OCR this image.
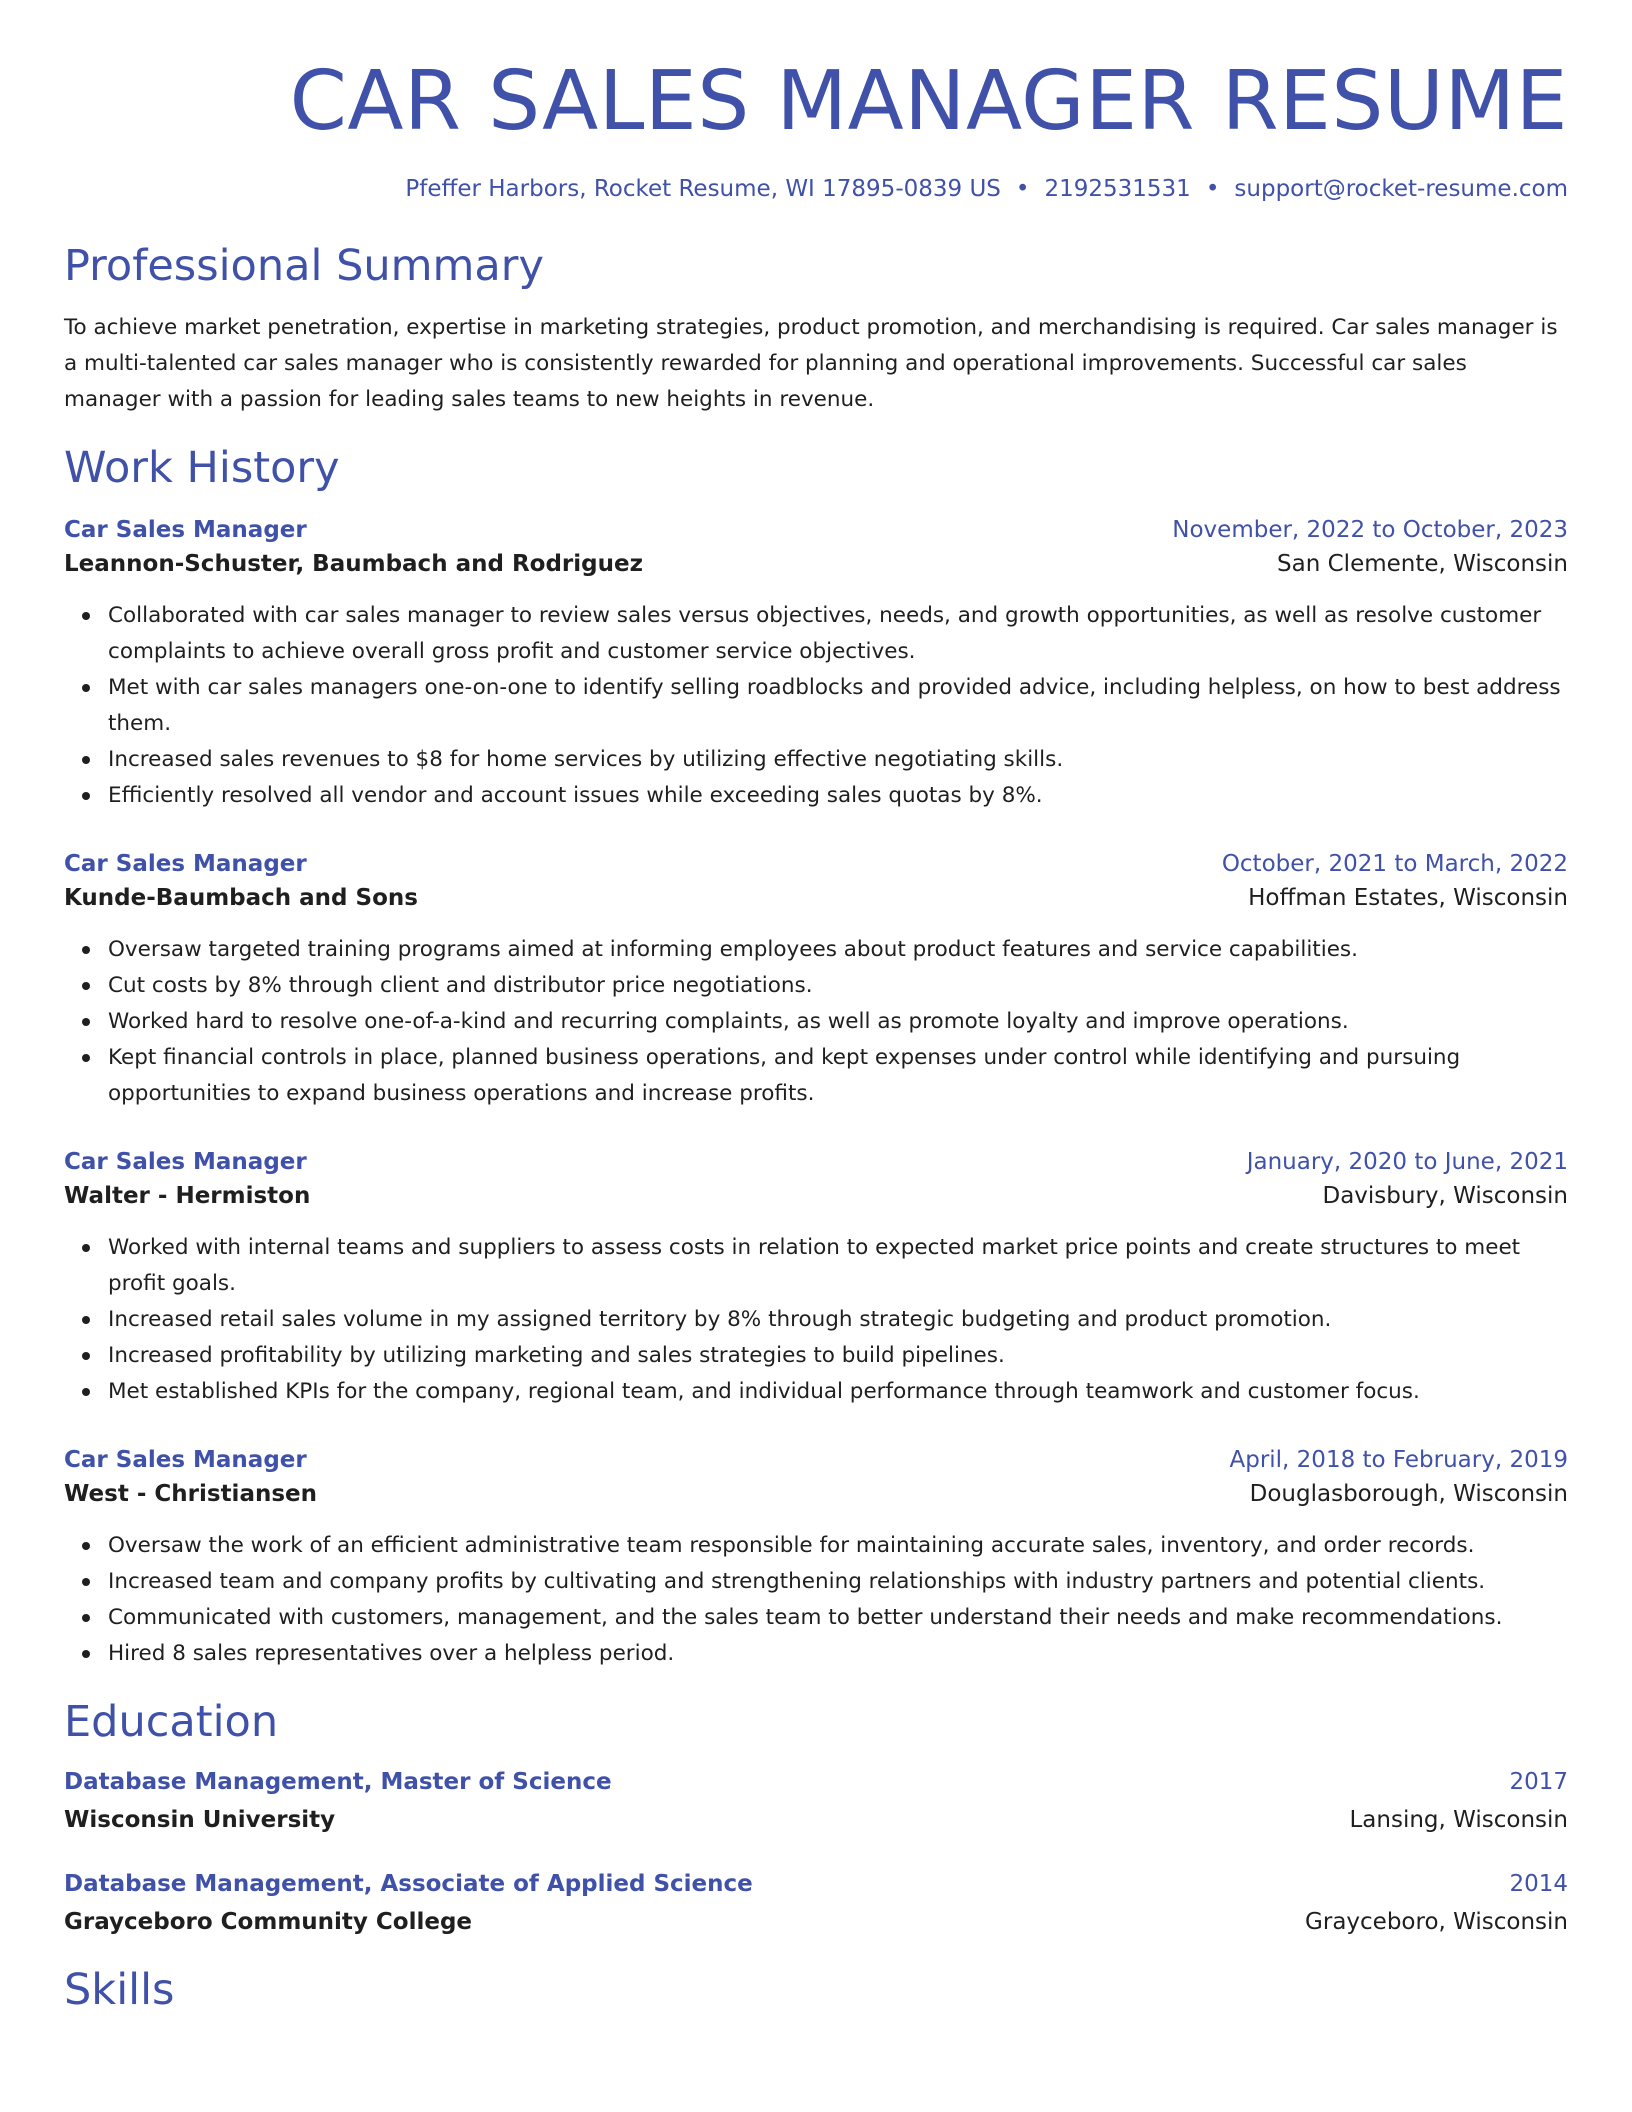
CAR SALES MANAGER RESUME
Pfeffer Harbors, Rocket Resume, WI 17895-0839 US • 2192531531 • support@rocket-resume.com
Professional Summary
To achieve market penetration, expertise in marketing strategies, product promotion, and merchandising is required. Car sales manager is a multi-talented car sales manager who is consistently rewarded for planning and operational improvements. Successful car sales manager with a passion for leading sales teams to new heights in revenue.
Work History
Car Sales Manager	November, 2022 to October, 2023
Leannon-Schuster, Baumbach and Rodriguez	San Clemente, Wisconsin
Collaborated with car sales manager to review sales versus objectives, needs, and growth opportunities, as well as resolve customer complaints to achieve overall gross profit and customer service objectives.
Met with car sales managers one-on-one to identify selling roadblocks and provided advice, including helpless, on how to best address them.
Increased sales revenues to $8 for home services by utilizing effective negotiating skills.
Efficiently resolved all vendor and account issues while exceeding sales quotas by 8%.
Car Sales Manager	October, 2021 to March, 2022
Kunde-Baumbach and Sons	Hoffman Estates, Wisconsin
Oversaw targeted training programs aimed at informing employees about product features and service capabilities.
Cut costs by 8% through client and distributor price negotiations.
Worked hard to resolve one-of-a-kind and recurring complaints, as well as promote loyalty and improve operations.
Kept financial controls in place, planned business operations, and kept expenses under control while identifying and pursuing opportunities to expand business operations and increase profits.
Car Sales Manager	January, 2020 to June, 2021
Walter - Hermiston	Davisbury, Wisconsin
Worked with internal teams and suppliers to assess costs in relation to expected market price points and create structures to meet profit goals.
Increased retail sales volume in my assigned territory by 8% through strategic budgeting and product promotion.
Increased profitability by utilizing marketing and sales strategies to build pipelines.
Met established KPIs for the company, regional team, and individual performance through teamwork and customer focus.
Car Sales Manager	April, 2018 to February, 2019
West - Christiansen	Douglasborough, Wisconsin
Oversaw the work of an efficient administrative team responsible for maintaining accurate sales, inventory, and order records.
Increased team and company profits by cultivating and strengthening relationships with industry partners and potential clients.
Communicated with customers, management, and the sales team to better understand their needs and make recommendations.
Hired 8 sales representatives over a helpless period.
Education
Database Management, Master of Science	2017
Wisconsin University	Lansing, Wisconsin
Database Management, Associate of Applied Science	2014
Grayceboro Community College	Grayceboro, Wisconsin
Skills
